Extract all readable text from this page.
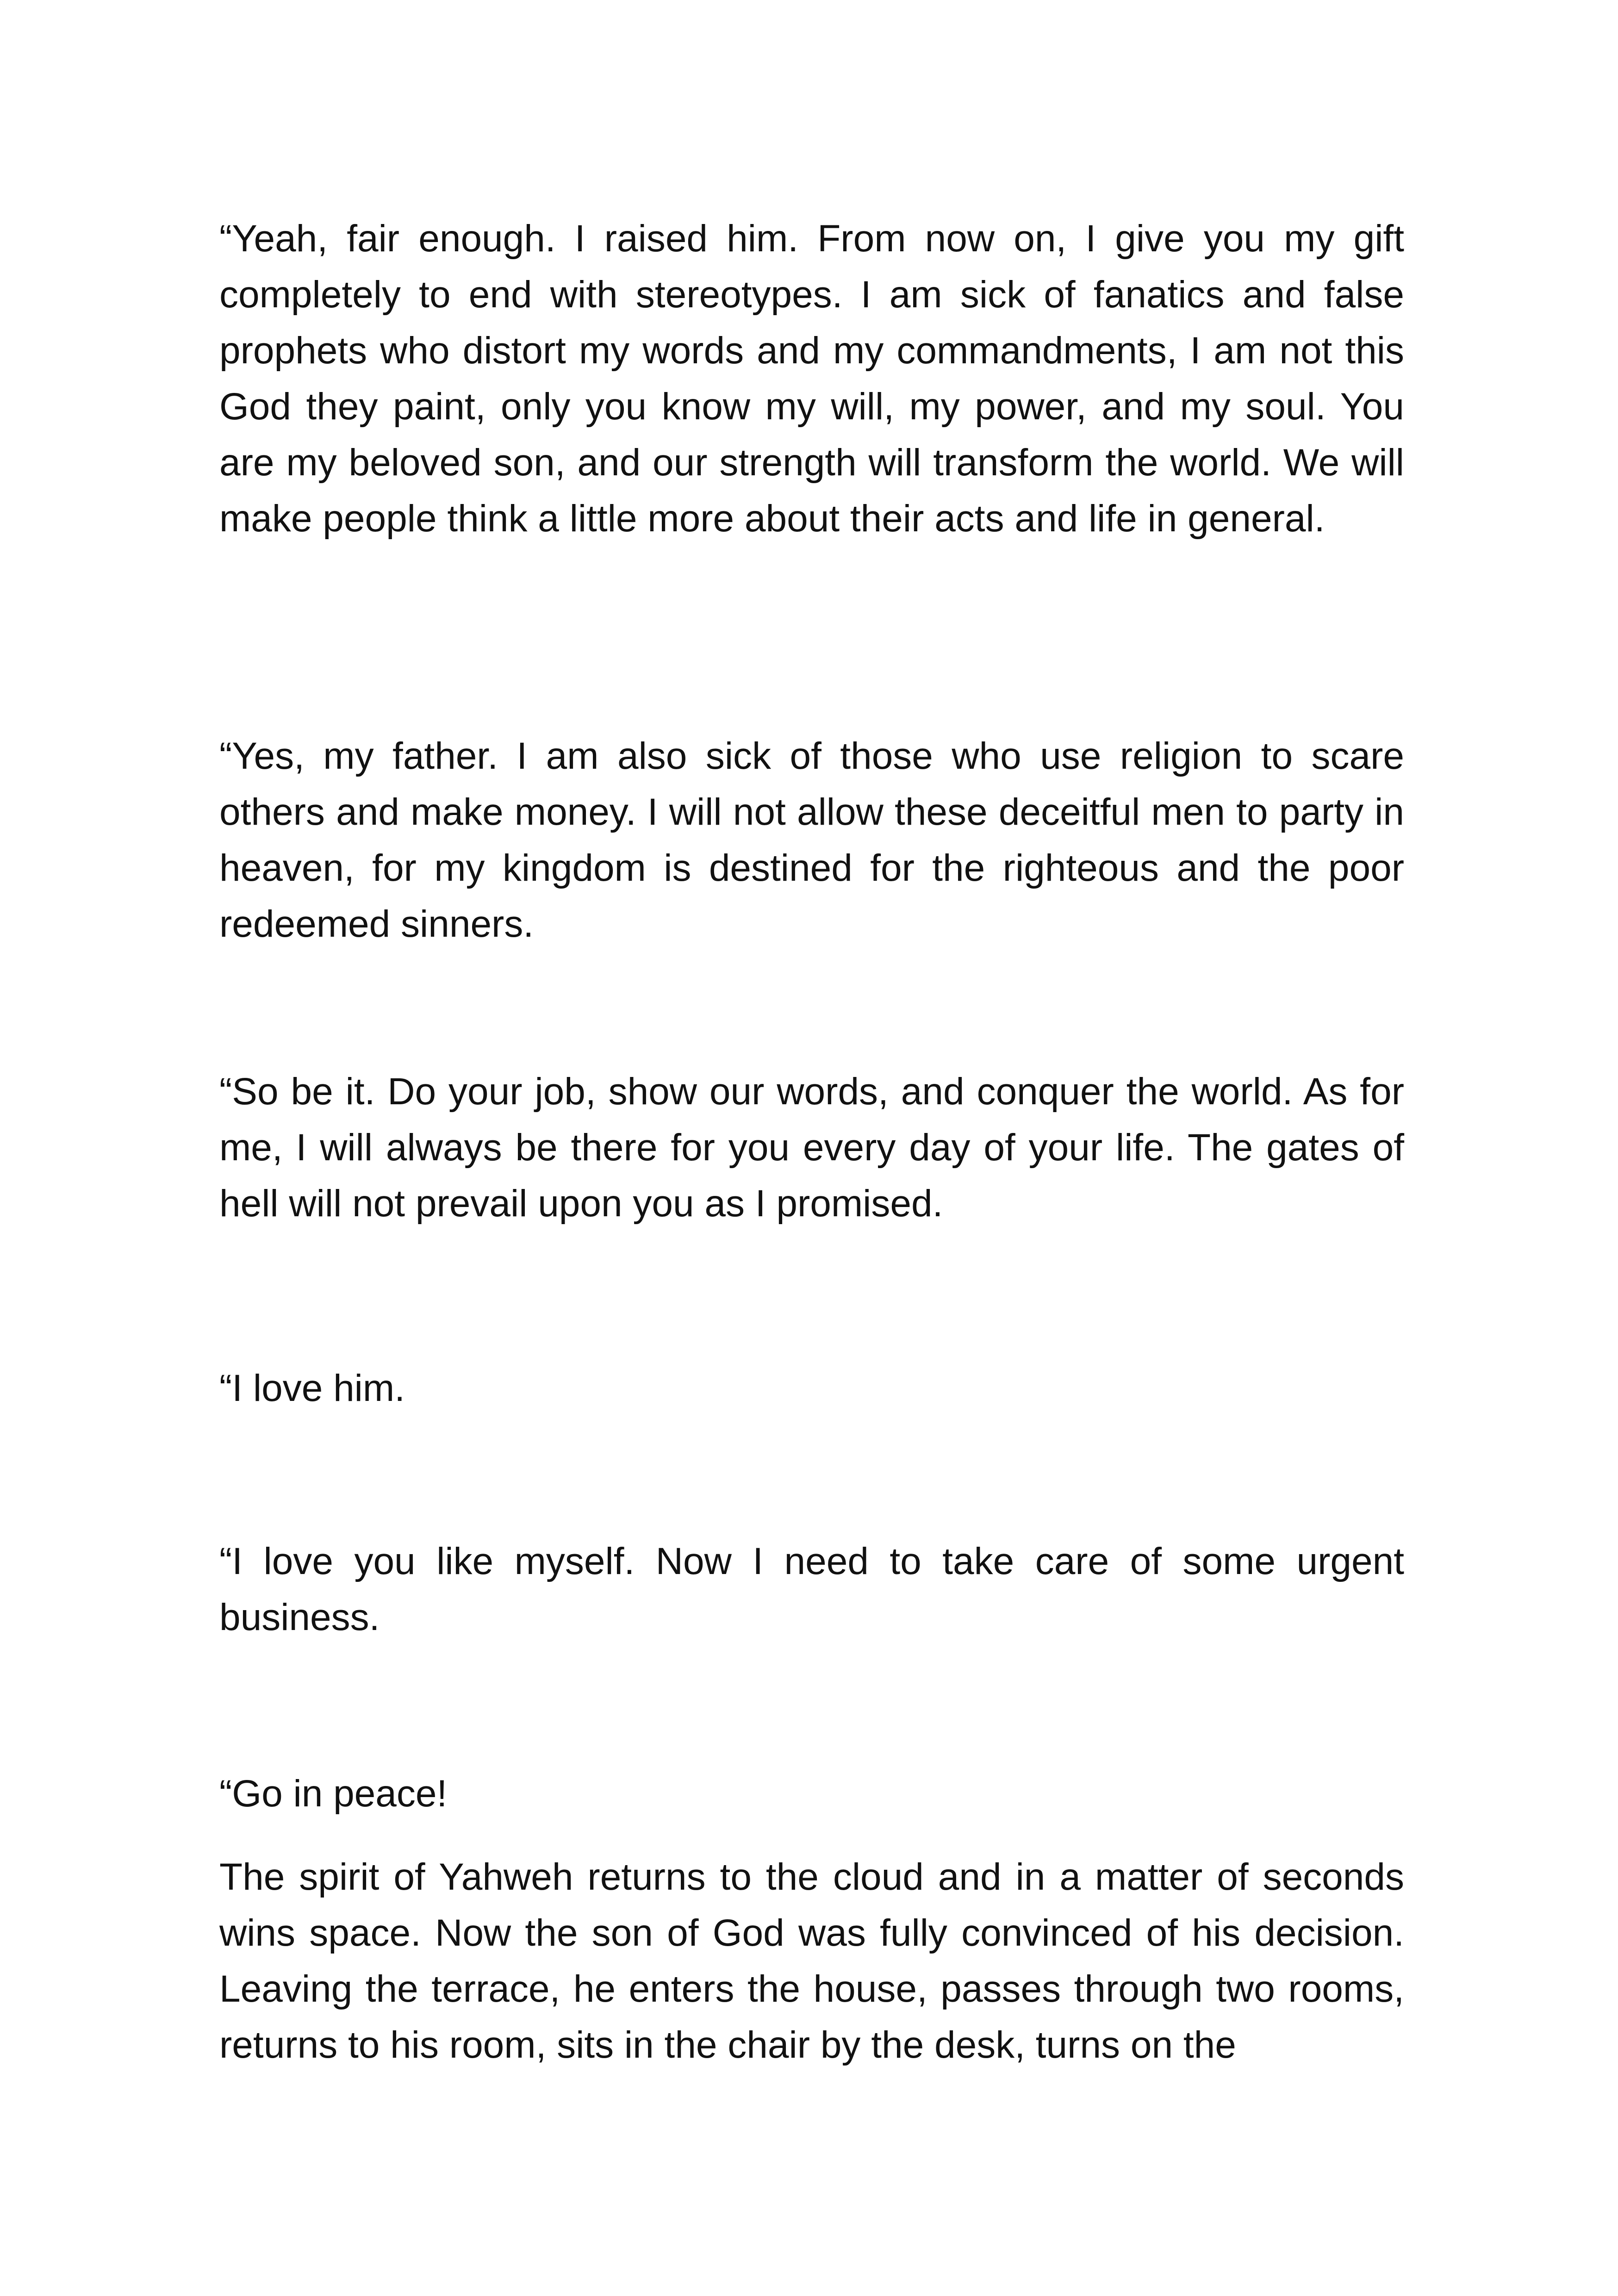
“Yeah, fair enough. I raised him. From now on, I give you my gift completely to end with stereotypes. I am sick of fanatics and false prophets who distort my words and my commandments, I am not this God they paint, only you know my will, my power, and my soul. You are my beloved son, and our strength will transform the world. We will make people think a little more about their acts and life in general.

“Yes, my father. I am also sick of those who use religion to scare others and make money. I will not allow these deceitful men to party in heaven, for my kingdom is destined for the righteous and the poor redeemed sinners.

“So be it. Do your job, show our words, and conquer the world. As for me, I will always be there for you every day of your life. The gates of hell will not prevail upon you as I promised.

“I love him.

“I love you like myself. Now I need to take care of some urgent business.

“Go in peace!

The spirit of Yahweh returns to the cloud and in a matter of seconds wins space. Now the son of God was fully convinced of his decision. Leaving the terrace, he enters the house, passes through two rooms, returns to his room, sits in the chair by the desk, turns on the
